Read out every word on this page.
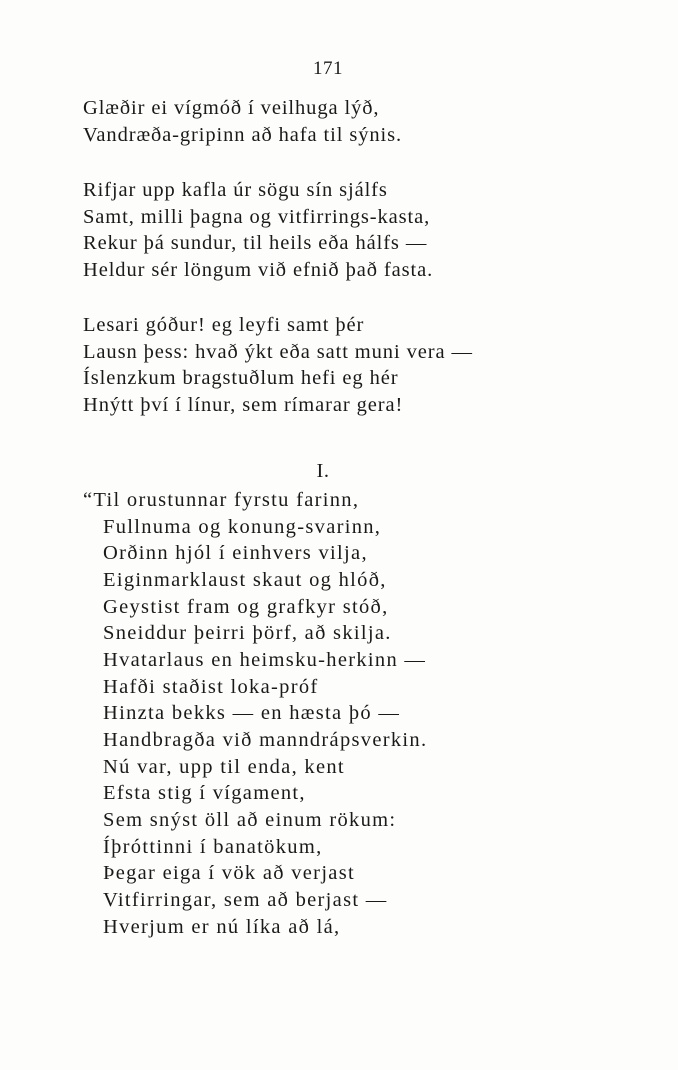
171
Glæðir ei vígmóð í veilhuga lýð,
Vandræða-gripinn að hafa til sýnis.
Rifjar upp kafla úr sögu sín sjálfs
Samt, milli þagna og vitfirrings-kasta,
Rekur þá sundur, til heils eða hálfs —
Heldur sér löngum við efnið það fasta.
Lesari góður! eg leyfi samt þér
Lausn þess: hvað ýkt eða satt muni vera —
Íslenzkum bragstuðlum hefi eg hér
Hnýtt því í línur, sem rímarar gera!
I.
“Til orustunnar fyrstu farinn,
Fullnuma og konung-svarinn,
Orðinn hjól í einhvers vilja,
Eiginmarklaust skaut og hlóð,
Geystist fram og grafkyr stóð,
Sneiddur þeirri þörf, að skilja.
Hvatarlaus en heimsku-herkinn —
Hafði staðist loka-próf
Hinzta bekks — en hæsta þó —
Handbragða við manndrápsverkin.
Nú var, upp til enda, kent
Efsta stig í vígament,
Sem snýst öll að einum rökum:
Íþróttinni í banatökum,
Þegar eiga í vök að verjast
Vitfirringar, sem að berjast —
Hverjum er nú líka að lá,
